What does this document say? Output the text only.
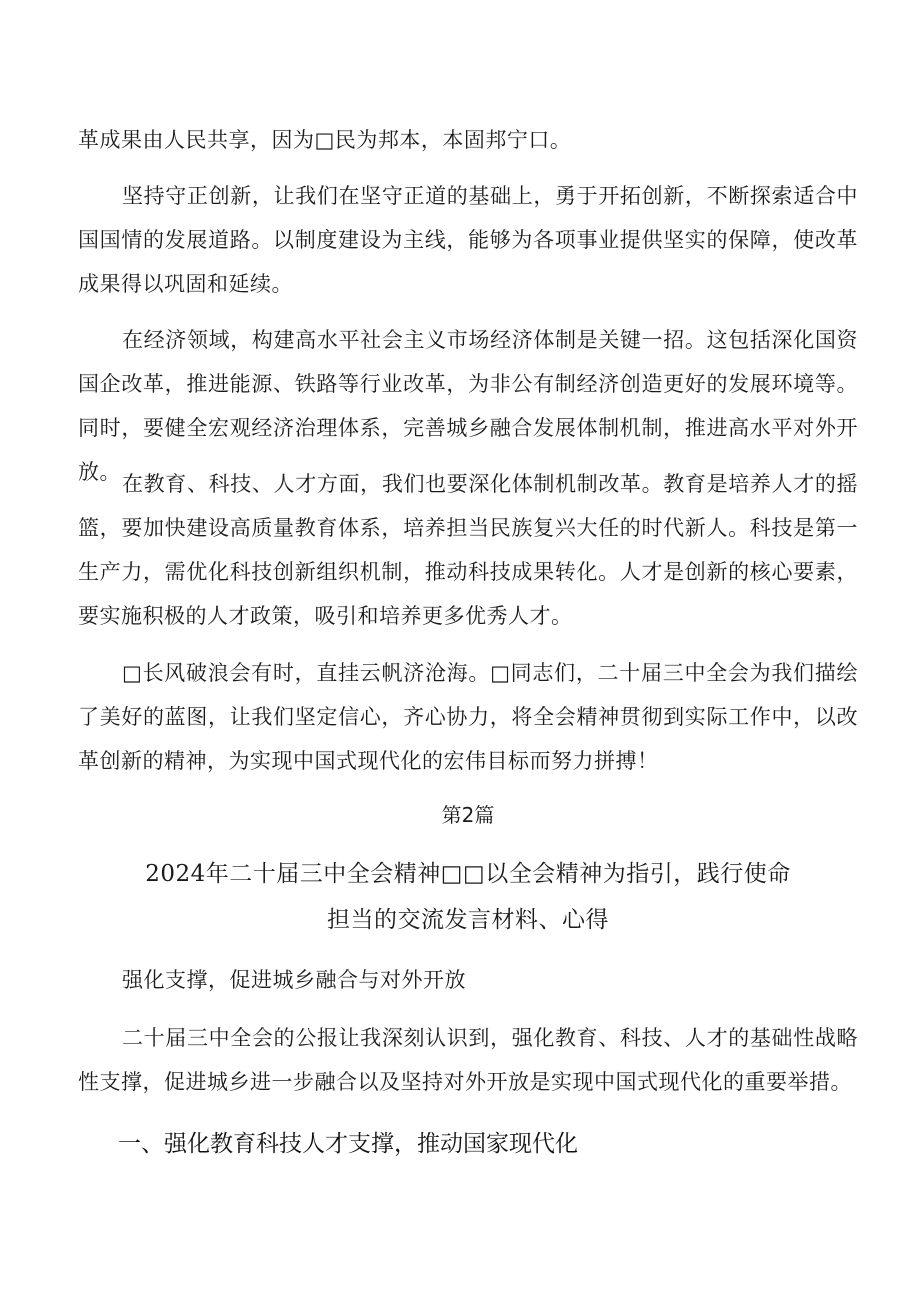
革成果由人民共享，因为□民为邦本，本固邦宁口。

坚持守正创新，让我们在坚守正道的基础上，勇于开拓创新，不断探索适合中国国情的发展道路。以制度建设为主线，能够为各项事业提供坚实的保障，使改革成果得以巩固和延续。

在经济领域，构建高水平社会主义市场经济体制是关键一招。这包括深化国资国企改革，推进能源、铁路等行业改革，为非公有制经济创造更好的发展环境等。同时，要健全宏观经济治理体系，完善城乡融合发展体制机制，推进高水平对外开放。 在教育、科技、人才方面，我们也要深化体制机制改革。教育是培养人才的摇篮，要加快建设高质量教育体系，培养担当民族复兴大任的时代新人。科技是第一生产力，需优化科技创新组织机制，推动科技成果转化。人才是创新的核心要素，要实施积极的人才政策，吸引和培养更多优秀人才。

□长风破浪会有时，直挂云帆济沧海。□同志们，二十届三中全会为我们描绘了美好的蓝图，让我们坚定信心，齐心协力，将全会精神贯彻到实际工作中，以改革创新的精神，为实现中国式现代化的宏伟目标而努力拼搏！

第2篇

2024年二十届三中全会精神□□以全会精神为指引，践行使命

担当的交流发言材料、心得

强化支撑，促进城乡融合与对外开放

二十届三中全会的公报让我深刻认识到，强化教育、科技、人才的基础性战略性支撑，促进城乡进一步融合以及坚持对外开放是实现中国式现代化的重要举措。

一、强化教育科技人才支撑，推动国家现代化
